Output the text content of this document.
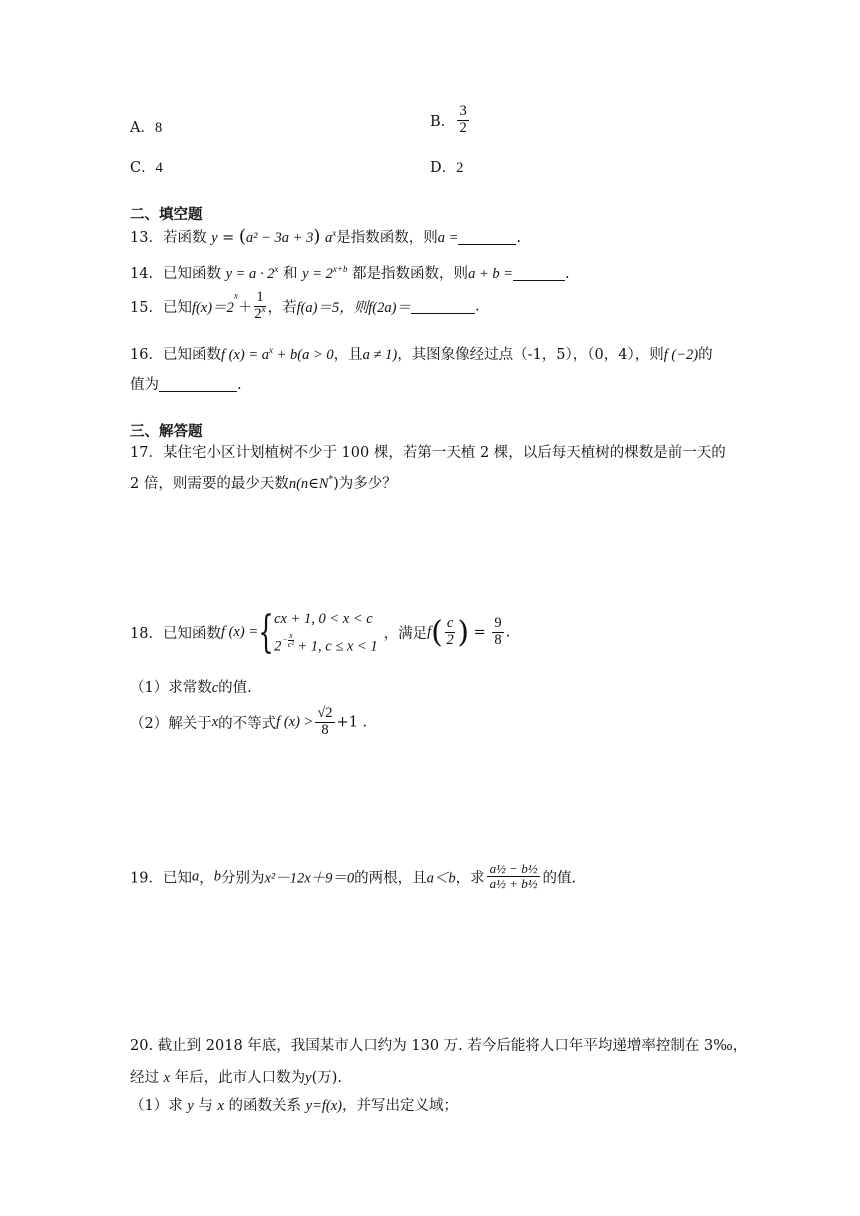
A．8	B． $\frac{3}{2}$
C．4	D．2
二、填空题
13．若函数 y = (a² − 3a + 3) $a^x$是指数函数，则a =	.
14．已知函数 $y = a \cdot 2^x$ 和 $y = 2^{x+b}$ 都是指数函数，则a + b =	.
15．已知$f(x)=2^x+ \frac{1}{2^x}$ ，若f(a)＝5，则f(2a)＝	.
16．已知函数f $(x) = a^x + b(a > 0$，且a ≠ 1)，其图象像经过点（-1，5），（0，4），则f (−2)的
值为	.
三、解答题
17．某住宅小区计划植树不少于 100 棵，若第一天植 2 棵，以后每天植树的棵数是前一天的
2 倍，则需要的最少天数n(n∈N*)为多少？
18．已知函数f (x) ={ cx + 1, 0 < x < c
$2- \frac{x}{\text{c²}} + 1$, c ≤ x < 1
，满足$f( \frac{c}{2}$ ) = $\frac{9}{8}$ .
（1）求常数c的值.
（2）解关于x的不等式f $(x) > \frac{√2}{8} +1$ .
19．已知a，b分别为x²－12x＋9＝0的两根，且a＜b，求 $\frac{\text{a½ − b½}}{\text{a½ + b½}}$ 的值.
20. 截止到 2018 年底，我国某市人口约为 130 万. 若今后能将人口年平均递增率控制在 3‰，
经过 x 年后，此市人口数为y(万).
（1）求 y 与 x 的函数关系 y=f(x)，并写出定义域；
